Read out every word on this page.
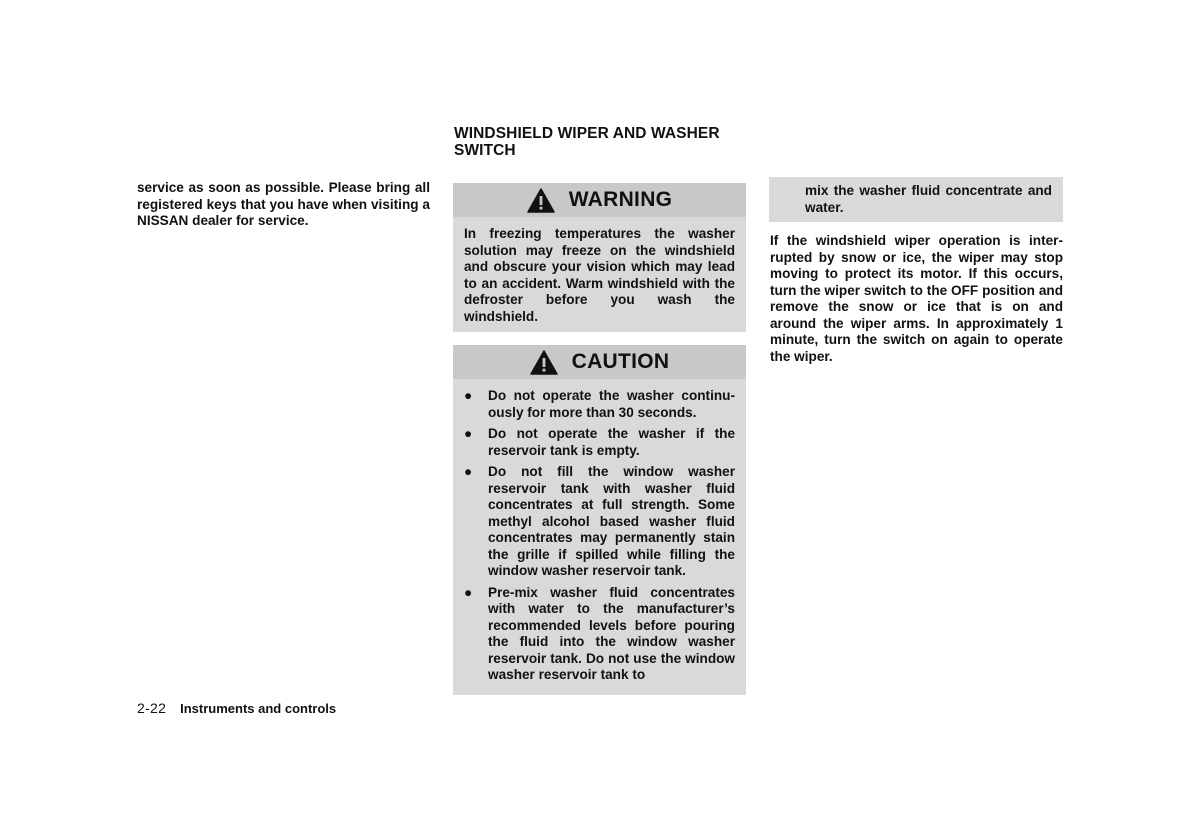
service as soon as possible. Please bring all registered keys that you have when visiting a NISSAN dealer for service.
WINDSHIELD WIPER AND WASHER
SWITCH
WARNING
In freezing temperatures the washer solution may freeze on the windshield and obscure your vision which may lead to an accident. Warm windshield with the defroster before you wash the windshield.
CAUTION
●	Do not operate the washer continu-ously for more than 30 seconds.
●	Do not operate the washer if the reservoir tank is empty.
●	Do not fill the window washer reservoir tank with washer fluid concentrates at full strength. Some methyl alcohol based washer fluid concentrates may permanently stain the grille if spilled while filling the window washer reservoir tank.
●	Pre-mix washer fluid concentrates with water to the manufacturer’s recommended levels before pouring the fluid into the window washer reservoir tank. Do not use the window washer reservoir tank to
mix the washer fluid concentrate and water.
If the windshield wiper operation is inter-rupted by snow or ice, the wiper may stop moving to protect its motor. If this occurs, turn the wiper switch to the OFF position and remove the snow or ice that is on and around the wiper arms. In approximately 1 minute, turn the switch on again to operate the wiper.
2-22 Instruments and controls
